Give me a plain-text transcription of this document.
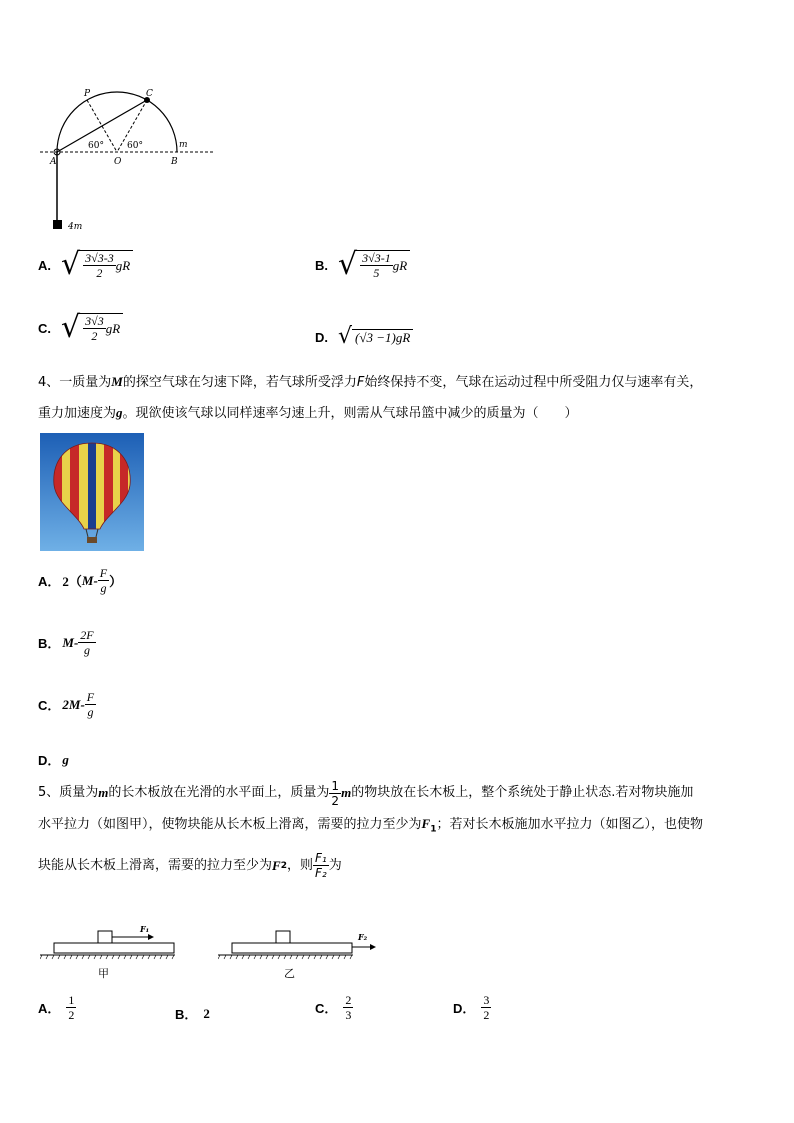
P	C
A	O	B
m
60°	60°
4m
A. √ $\frac{3√3-3}{2}$ gR	B. √ $\frac{3√3-1}{5}$ gR
C. √ $\frac{3√3}{2}$ gR
D. √ (√3 −1) gR
4、一质量为M的探空气球在匀速下降，若气球所受浮力F始终保持不变，气球在运动过程中所受阻力仅与速率有关，
重力加速度为g。现欲使该气球以同样速率匀速上升，则需从气球吊篮中减少的质量为（　　）
A． 2（ $M- \frac{F}{g}$ ）
B． $M- \frac{2F}{g}$
C． $2M- \frac{F}{g}$
D． g
5、质量为 m 的长木板放在光滑的水平面上，质量为 $\frac{1}{2}$ m 的物块放在长木板上，整个系统处于静止状态.若对物块施加
水平拉力（如图甲），使物块能从长木板上滑离，需要的拉力至少为$F_1$；若对长木板施加水平拉力（如图乙），也使物
块能从长木板上滑离，需要的拉力至少为 F 2 ，则 $\frac{\text{F₁}}{\text{F₂}}$ 为
F₁
甲
F₂
乙
A． $\frac{1}{2}$	B． 2	C． $\frac{2}{3}$	D． $\frac{3}{2}$
